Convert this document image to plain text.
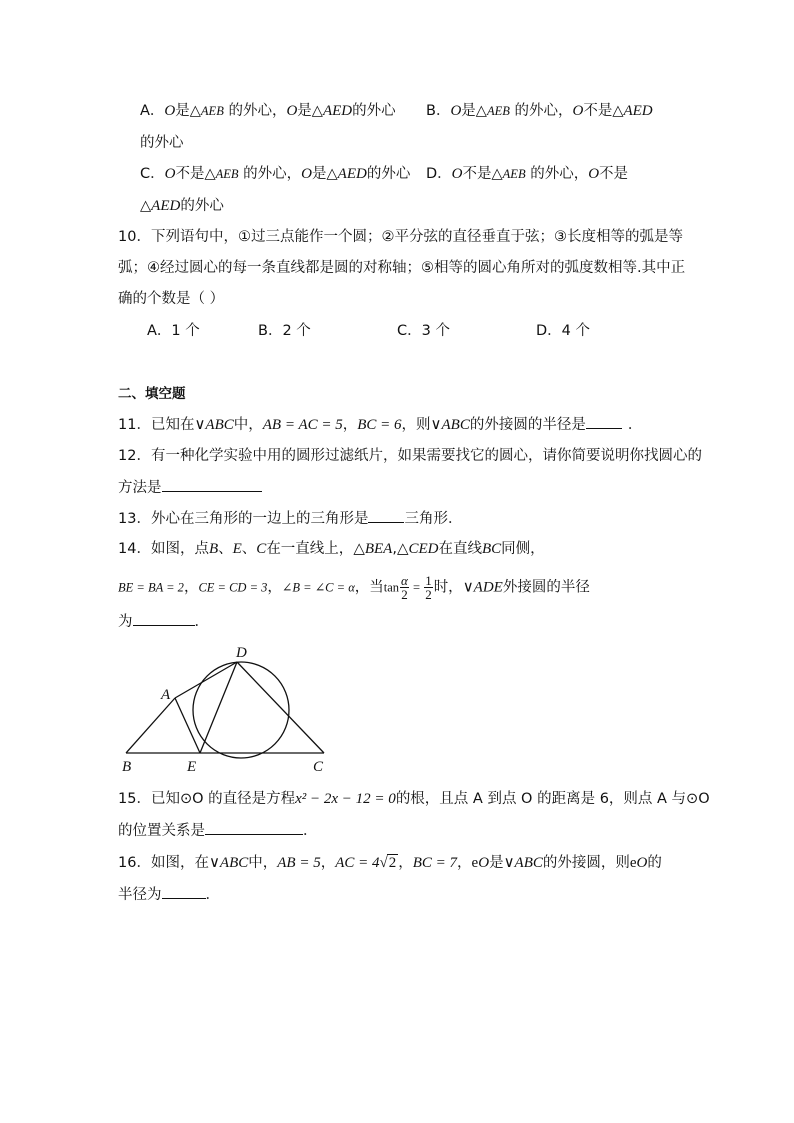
A．O是△AEB 的外心，O是△AED的外心 B．O是△AEB 的外心，O不是△AED
的外心
C．O不是△AEB 的外心，O是△AED的外心 D．O不是△AEB 的外心，O不是
△AED的外心
10．下列语句中，①过三点能作一个圆；②平分弦的直径垂直于弦；③长度相等的弧是等
弧；④经过圆心的每一条直线都是圆的对称轴；⑤相等的圆心角所对的弧度数相等.其中正
确的个数是（ ）
A．1 个	B．2 个	C．3 个	D．4 个
二、填空题
11．已知在∨ABC中，AB = AC = 5，BC = 6，则∨ABC的外接圆的半径是	．
12．有一种化学实验中用的圆形过滤纸片，如果需要找它的圆心，请你简要说明你找圆心的
方法是
13．外心在三角形的一边上的三角形是 三角形．
14．如图，点B、E、C在一直线上，△BEA,△CED在直线BC同侧，
BE = BA = 2，CE = CD = 3，∠B = ∠C = α，当$\tan \frac{\alpha}{2} = \frac{1}{2}$ 时，∨ADE外接圆的半径
为	．
A
B	E	C
D
15．已知⊙O 的直径是方程x² − 2x − 12 = 0的根，且点 A 到点 O 的距离是 6，则点 A 与⊙O
的位置关系是	．
16．如图，在∨ABC中，AB = 5，AC = 4√2 ，BC = 7，eO是∨ABC的外接圆，则eO的
半径为	．
